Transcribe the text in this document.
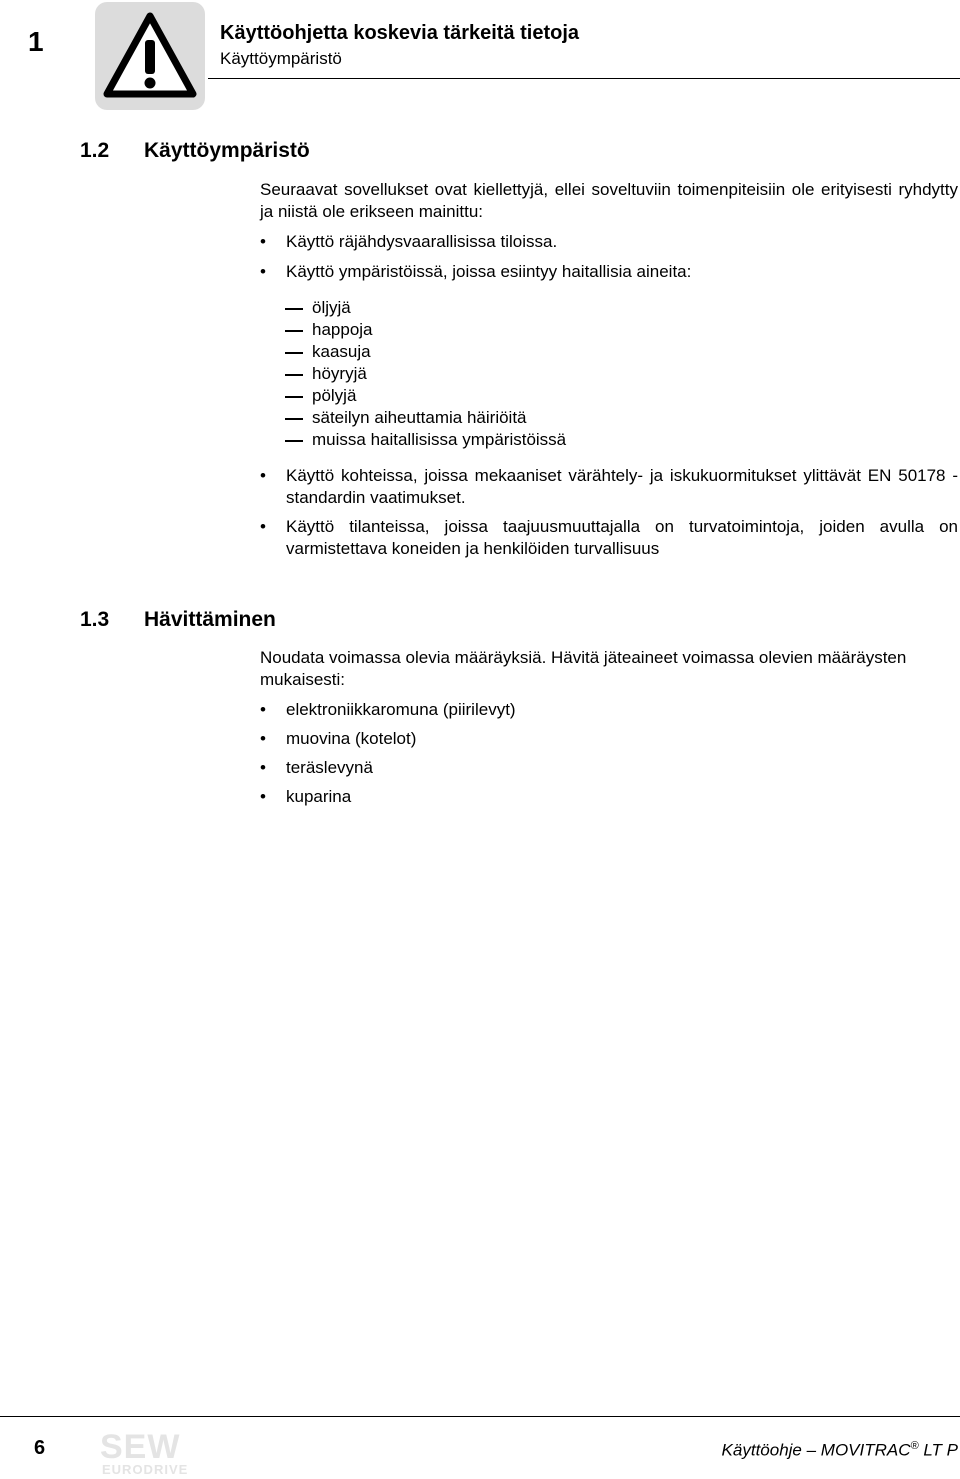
1	Käyttöohjetta koskevia tärkeitä tietoja
Käyttöympäristö
1.2 Käyttöympäristö

Seuraavat sovellukset ovat kiellettyjä, ellei soveltuviin toimenpiteisiin ole erityisesti ryhdytty ja niistä ole erikseen mainittu:

• Käyttö räjähdysvaarallisissa tiloissa.
• Käyttö ympäristöissä, joissa esiintyy haitallisia aineita:
öljyjä
happoja
kaasuja
höyryjä
pölyjä
säteilyn aiheuttamia häiriöitä
muissa haitallisissa ympäristöissä
• Käyttö kohteissa, joissa mekaaniset värähtely- ja iskukuormitukset ylittävät EN 50178 -standardin vaatimukset.
• Käyttö tilanteissa, joissa taajuusmuuttajalla on turvatoimintoja, joiden avulla on varmistettava koneiden ja henkilöiden turvallisuus
1.3 Hävittäminen

Noudata voimassa olevia määräyksiä. Hävitä jäteaineet voimassa olevien määräysten mukaisesti:

• elektroniikkaromuna (piirilevyt)
• muovina (kotelot)
• teräslevynä
• kuparina
6 SEW
EURODRIVE
Käyttöohje – MOVITRAC® LT P
